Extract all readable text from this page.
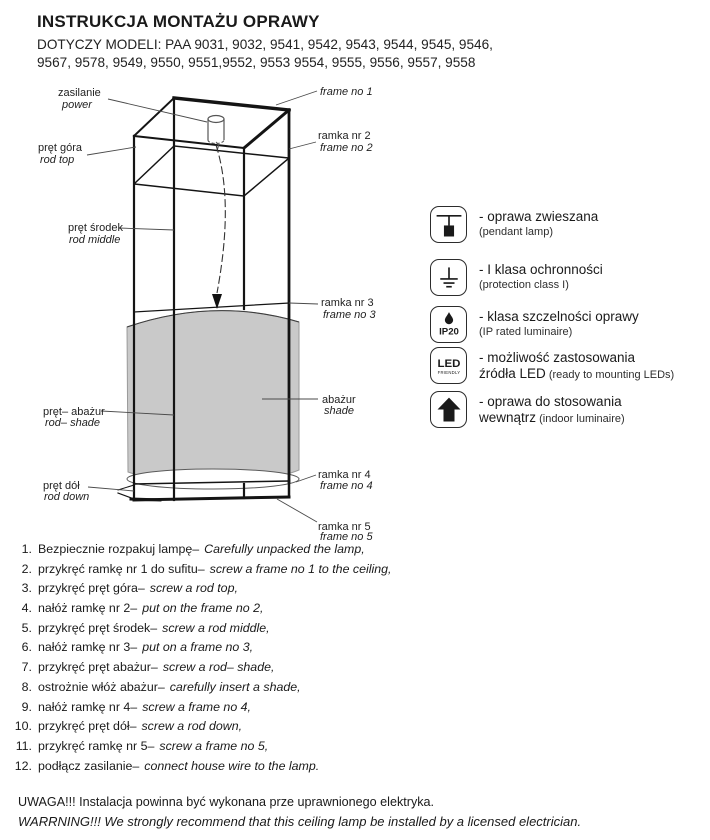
INSTRUKCJA MONTAŻU OPRAWY
DOTYCZY MODELI: PAA 9031, 9032, 9541, 9542, 9543, 9544, 9545, 9546,
9567, 9578, 9549, 9550, 9551,9552, 9553 9554, 9555, 9556, 9557, 9558
zasilanie
power
pręt góra
rod top
frame no 1
ramka nr 2
frame no 2
pręt środek
rod middle
ramka nr 3
frame no 3
pręt– abażur
rod– shade
abażur
shade
ramka nr 4
frame no 4
pręt dół
rod down
ramka nr 5
frame no 5
- oprawa zwieszana
(pendant lamp)
- I klasa ochronności
(protection class I)
IP20
- klasa szczelności oprawy
(IP rated luminaire)
LED
FRIENDLY
- możliwość zastosowania
źródła LED (ready to mounting LEDs)
- oprawa do stosowania
wewnątrz (indoor luminaire)
1. Bezpiecznie rozpakuj lampę– Carefully unpacked the lamp,
2. przykręć ramkę nr 1 do sufitu– screw a frame no 1 to the ceiling,
3. przykręć pręt góra– screw a rod top,
4. nałóż ramkę nr 2– put on the frame no 2,
5. przykręć pręt środek– screw a rod middle,
6. nałóż ramkę nr 3– put on a frame no 3,
7. przykręć pręt abażur– screw a rod– shade,
8. ostrożnie włóż abażur– carefully insert a shade,
9. nałóż ramkę nr 4– screw a frame no 4,
10. przykręć pręt dół– screw a rod down,
11. przykręć ramkę nr 5– screw a frame no 5,
12. podłącz zasilanie– connect house wire to the lamp.
UWAGA!!! Instalacja powinna być wykonana prze uprawnionego elektryka.
WARRNING!!! We strongly recommend that this ceiling lamp be installed by a licensed electrician.
